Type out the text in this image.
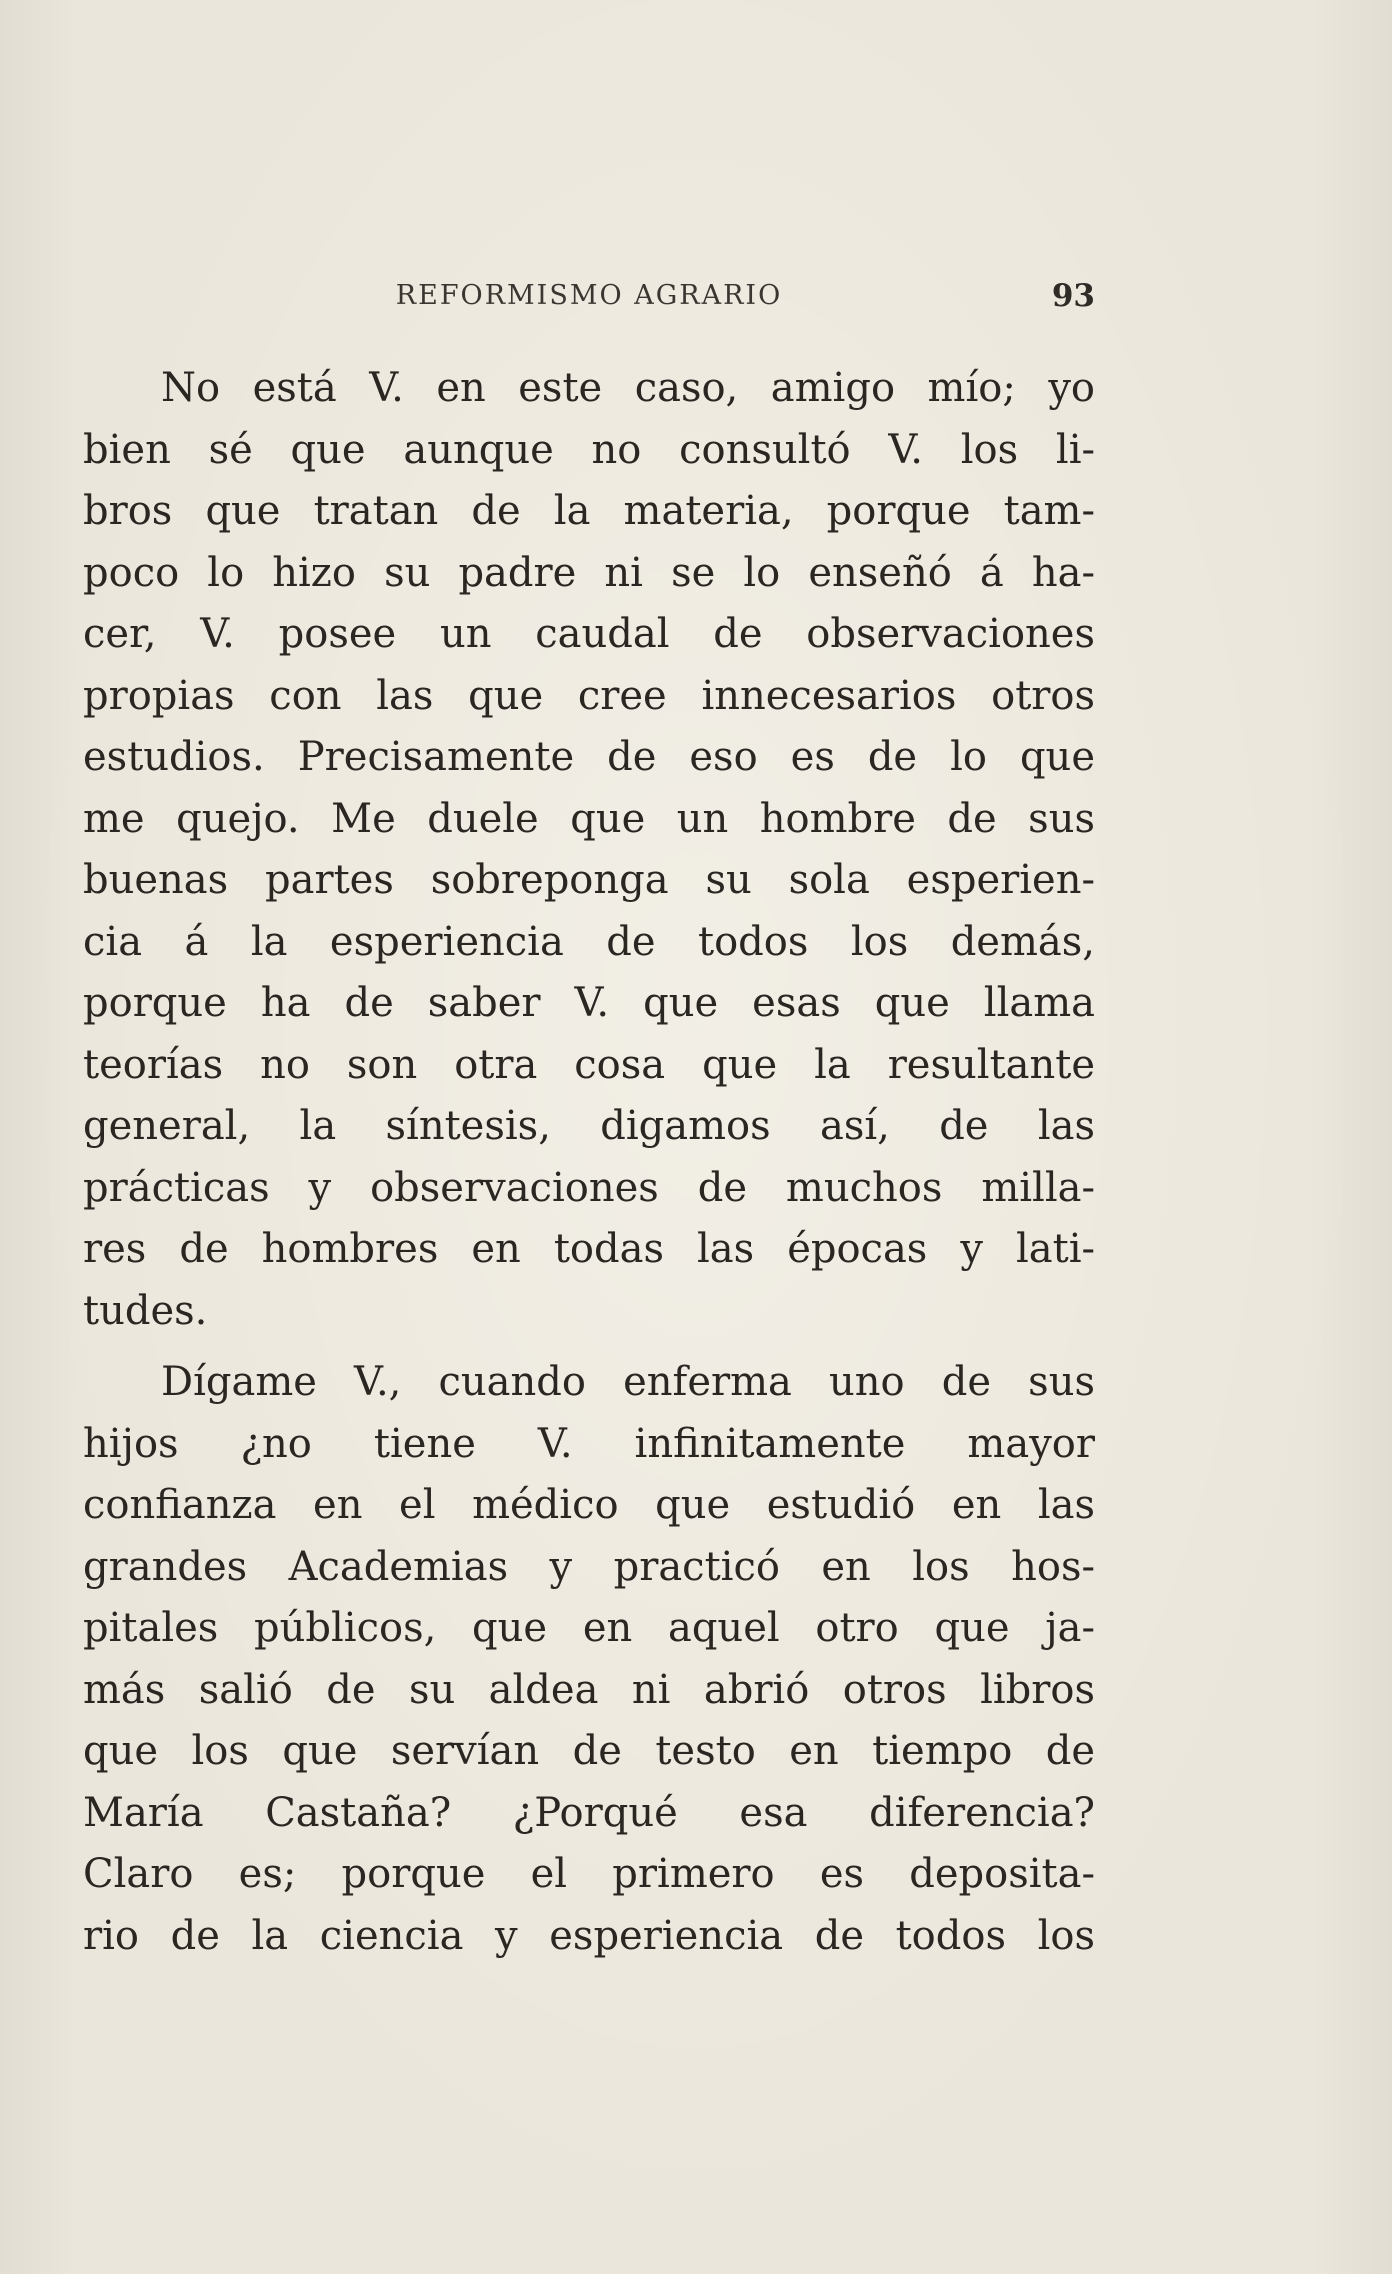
REFORMISMO AGRARIO	93
No está V. en este caso, amigo mío; yo
bien sé que aunque no consultó V. los li-
bros que tratan de la materia, porque tam-
poco lo hizo su padre ni se lo enseñó á ha-
cer, V. posee un caudal de observaciones
propias con las que cree innecesarios otros
estudios. Precisamente de eso es de lo que
me quejo. Me duele que un hombre de sus
buenas partes sobreponga su sola esperien-
cia á la esperiencia de todos los demás,
porque ha de saber V. que esas que llama
teorías no son otra cosa que la resultante
general, la síntesis, digamos así, de las
prácticas y observaciones de muchos milla-
res de hombres en todas las épocas y lati-
tudes.
Dígame V., cuando enferma uno de sus
hijos ¿no tiene V. infinitamente mayor
confianza en el médico que estudió en las
grandes Academias y practicó en los hos-
pitales públicos, que en aquel otro que ja-
más salió de su aldea ni abrió otros libros
que los que servían de testo en tiempo de
María Castaña? ¿Porqué esa diferencia?
Claro es; porque el primero es deposita-
rio de la ciencia y esperiencia de todos los
